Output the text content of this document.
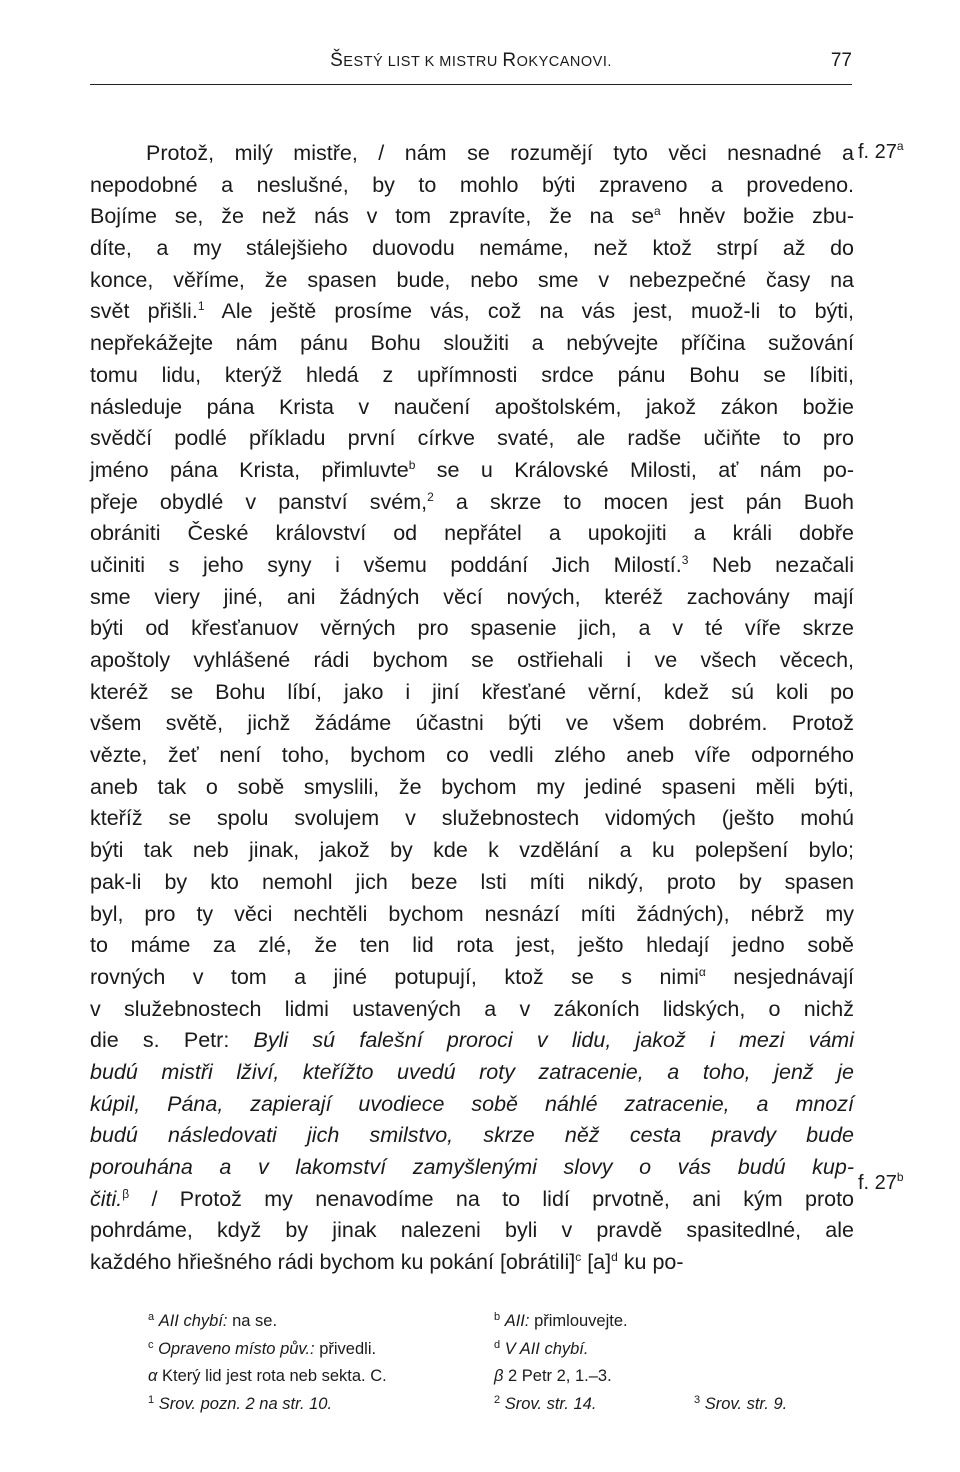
ŠESTÝ LIST K MISTRU ROKYCANOVI.	77
f. 27$^a$
f. 27$^b$
Protož, milý mistře, / nám se rozumějí tyto věci nesnadné a
nepodobné a neslušné, by to mohlo býti zpraveno a provedeno.
Bojíme se, že než nás v tom zpravíte, že na $se^a$ hněv božie zbu-
díte, a my stálejšieho duovodu nemáme, než ktož strpí až do
konce, věříme, že spasen bude, nebo sme v nebezpečné časy na
svět přišli.$^1$ Ale ještě prosíme vás, což na vás jest, muož-li to býti,
nepřekážejte nám pánu Bohu sloužiti a nebývejte příčina sužování
tomu lidu, kterýž hledá z upřímnosti srdce pánu Bohu se líbiti,
následuje pána Krista v naučení apoštolském, jakož zákon božie
svědčí podlé příkladu první církve svaté, ale radše učiňte to pro
jméno pána Krista, přimluvte$^b$ se u Královské Milosti, ať nám po-
přeje obydlé v panství svém,$^2$ a skrze to mocen jest pán Buoh
obrániti České království od nepřátel a upokojiti a králi dobře
učiniti s jeho syny i všemu poddání Jich Milostí.$^3$ Neb nezačali
sme viery jiné, ani žádných věcí nových, kteréž zachovány mají
býti od křesťanuov věrných pro spasenie jich, a v té víře skrze
apoštoly vyhlášené rádi bychom se ostřiehali i ve všech věcech,
kteréž se Bohu líbí, jako i jiní křesťané věrní, kdež sú koli po
všem světě, jichž žádáme účastni býti ve všem dobrém. Protož
vězte, žeť není toho, bychom co vedli zlého aneb víře odporného
aneb tak o sobě smyslili, že bychom my jediné spaseni měli býti,
kteříž se spolu svolujem v služebnostech vidomých (ješto mohú
býti tak neb jinak, jakož by kde k vzdělání a ku polepšení bylo;
pak-li by kto nemohl jich beze lsti míti nikdý, proto by spasen
byl, pro ty věci nechtěli bychom nesnází míti žádných), nébrž my
to máme za zlé, že ten lid rota jest, ješto hledají jedno sobě
rovných v tom a jiné potupují, ktož se s nimi$^\alpha$ nesjednávají
v služebnostech lidmi ustavených a v zákoních lidských, o nichž
die s. Petr: Byli sú falešní proroci v lidu, jakož i mezi vámi
budú mistři lživí, kteřížto uvedú roty zatracenie, a toho, jenž je
kúpil, Pána, zapierají uvodiece sobě náhlé zatracenie, a mnozí
budú následovati jich smilstvo, skrze něž cesta pravdy bude
porouhána a v lakomství zamyšlenými slovy o vás budú kup-
čiti.$^\beta$ / Protož my nenavodíme na to lidí prvotně, ani kým proto
pohrdáme, když by jinak nalezeni byli v pravdě spasitedlné, ale
každého hřiešného rádi bychom ku pokání [obrátili]$^c$ $[a]^d$ ku po-
$^a$ AII chybí: na se.	$^b$ AII: přimlouvejte.
$^c$ Opraveno místo pův.: přivedli.	$^d$ V AII chybí.
α Který lid jest rota neb sekta. C.	β 2 Petr 2, 1.–3.
$^1$ Srov. pozn. 2 na str. 10.	$^2$ Srov. str. 14.	$^3$ Srov. str. 9.
